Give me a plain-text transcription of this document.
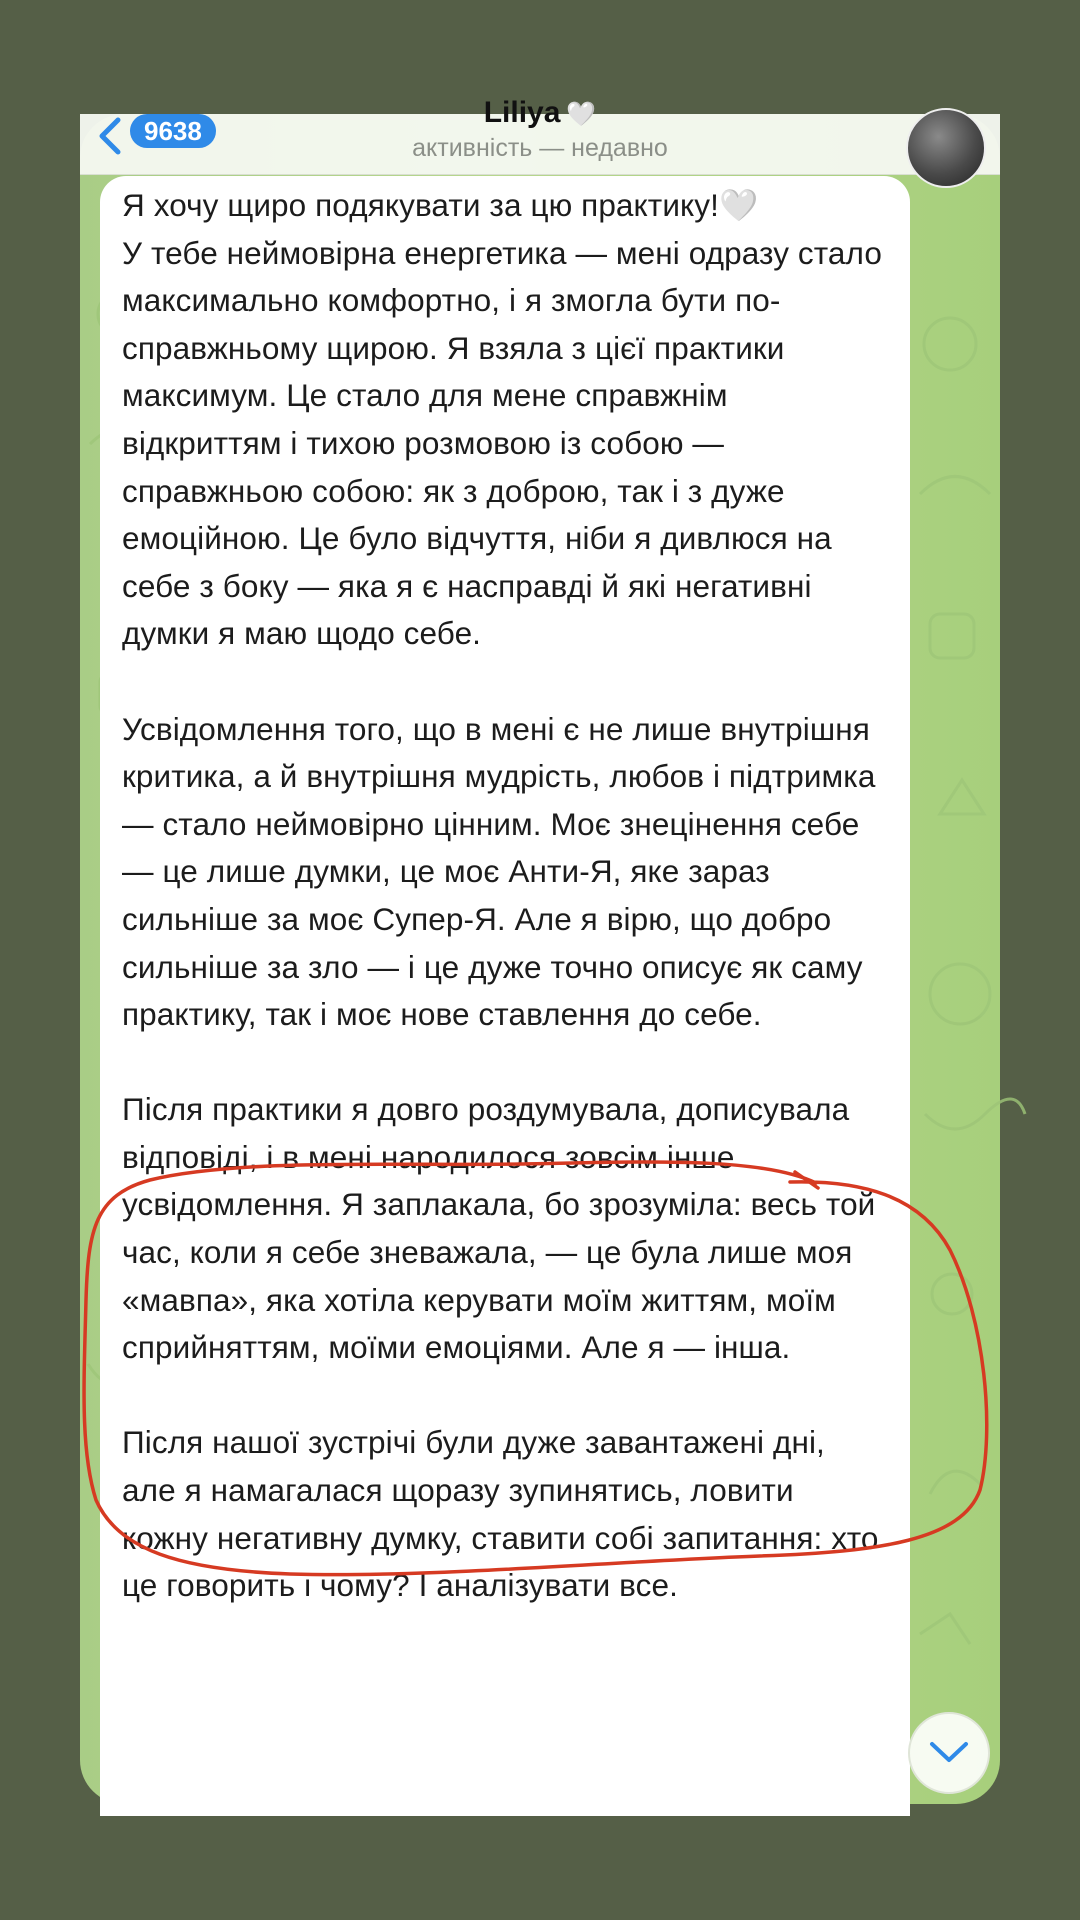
9638
Liliya 🤍
активність — недавно

Я хочу щиро подякувати за цю практику!🤍
У тебе неймовірна енергетика — мені одразу стало максимально комфортно, і я змогла бути по-справжньому щирою. Я взяла з цієї практики максимум. Це стало для мене справжнім відкриттям і тихою розмовою із собою — справжньою собою: як з доброю, так і з дуже емоційною. Це було відчуття, ніби я дивлюся на себе з боку — яка я є насправді й які негативні думки я маю щодо себе.

Усвідомлення того, що в мені є не лише внутрішня критика, а й внутрішня мудрість, любов і підтримка — стало неймовірно цінним. Моє знецінення себе — це лише думки, це моє Анти-Я, яке зараз сильніше за моє Супер-Я. Але я вірю, що добро сильніше за зло — і це дуже точно описує як саму практику, так і моє нове ставлення до себе.

Після практики я довго роздумувала, дописувала відповіді, і в мені народилося зовсім інше усвідомлення. Я заплакала, бо зрозуміла: весь той час, коли я себе зневажала, — це була лише моя «мавпа», яка хотіла керувати моїм життям, моїм сприйняттям, моїми емоціями. Але я — інша.

Після нашої зустрічі були дуже завантажені дні, але я намагалася щоразу зупинятись, ловити кожну негативну думку, ставити собі запитання: хто це говорить і чому? І аналізувати все.
